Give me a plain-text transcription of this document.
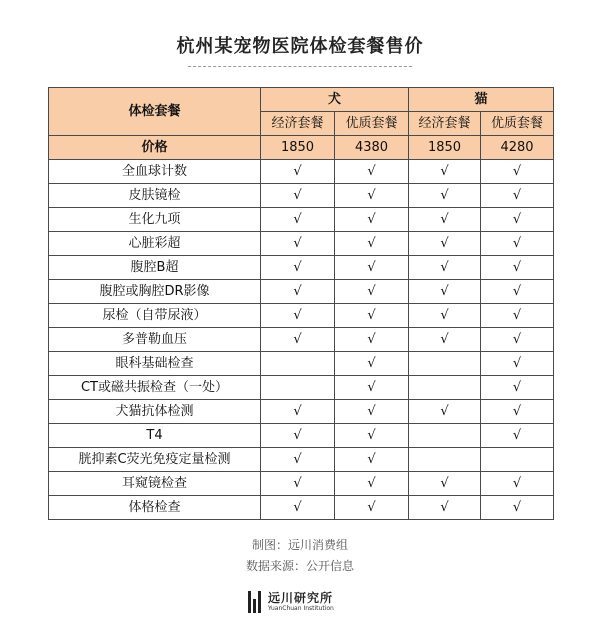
杭州某宠物医院体检套餐售价
体检套餐	犬		猫	
	经济套餐	优质套餐	经济套餐	优质套餐
价格	1850	4380	1850	4280
全血球计数	√	√	√	√
皮肤镜检	√	√	√	√
生化九项	√	√	√	√
心脏彩超	√	√	√	√
腹腔B超	√	√	√	√
腹腔或胸腔DR影像	√	√	√	√
尿检（自带尿液）	√	√	√	√
多普勒血压	√	√	√	√
眼科基础检查		√		√
CT或磁共振检查（一处）		√		√
犬猫抗体检测	√	√	√	√
T4	√	√		√
胱抑素C荧光免疫定量检测	√	√		
耳窥镜检查	√	√	√	√
体格检查	√	√	√	√
制图：远川消费组
数据来源：公开信息
远川研究所
YuanChuan Institution
